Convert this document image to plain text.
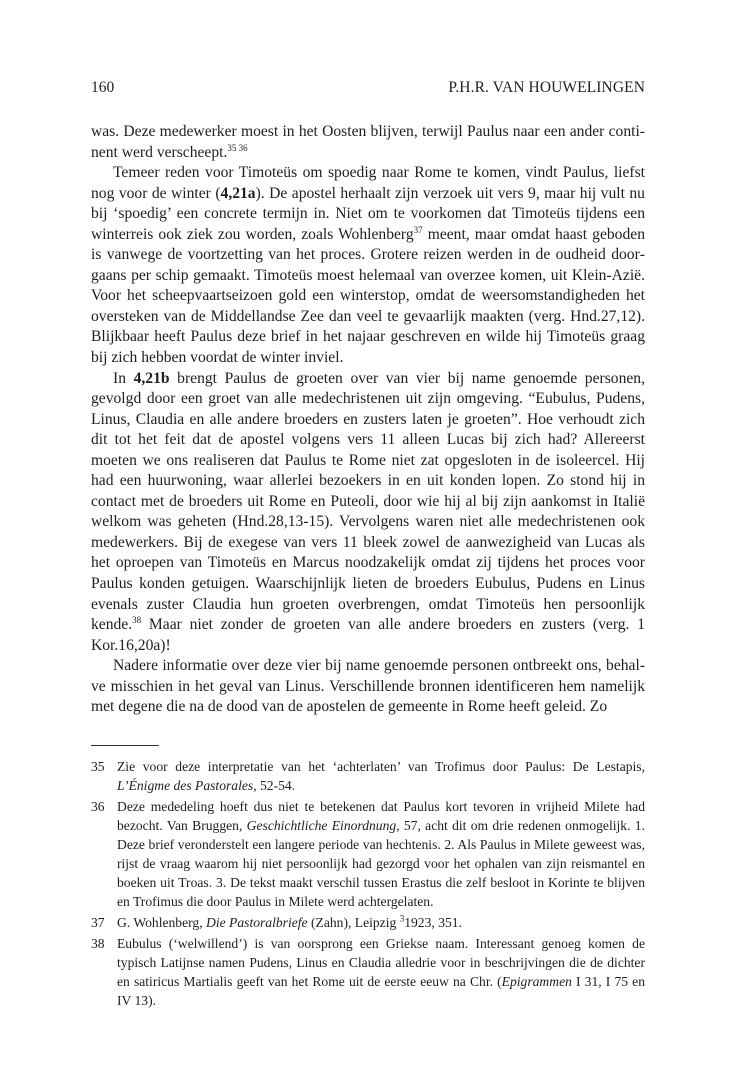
160	P.H.R. VAN HOUWELINGEN

was. Deze medewerker moest in het Oosten blijven, terwijl Paulus naar een ander continent werd verscheept.$^{35 36}$

Temeer reden voor Timoteüs om spoedig naar Rome te komen, vindt Paulus, liefst nog voor de winter (4,21a). De apostel herhaalt zijn verzoek uit vers 9, maar hij vult nu bij ‘spoedig’ een concrete termijn in. Niet om te voorkomen dat Timoteüs tijdens een winterreis ook ziek zou worden, zoals Wohlenberg$^{37}$ meent, maar omdat haast geboden is vanwege de voortzetting van het proces. Grotere reizen werden in de oudheid doorgaans per schip gemaakt. Timoteüs moest helemaal van overzee komen, uit Klein-Azië. Voor het scheepvaartseizoen gold een winterstop, omdat de weersomstandigheden het oversteken van de Middellandse Zee dan veel te gevaarlijk maakten (verg. Hnd.27,12). Blijkbaar heeft Paulus deze brief in het najaar geschreven en wilde hij Timoteüs graag bij zich hebben voordat de winter inviel.

In 4,21b brengt Paulus de groeten over van vier bij name genoemde personen, gevolgd door een groet van alle medechristenen uit zijn omgeving. “Eubulus, Pudens, Linus, Claudia en alle andere broeders en zusters laten je groeten”. Hoe verhoudt zich dit tot het feit dat de apostel volgens vers 11 alleen Lucas bij zich had? Allereerst moeten we ons realiseren dat Paulus te Rome niet zat opgesloten in de isoleercel. Hij had een huurwoning, waar allerlei bezoekers in en uit konden lopen. Zo stond hij in contact met de broeders uit Rome en Puteoli, door wie hij al bij zijn aankomst in Italië welkom was geheten (Hnd.28,13-15). Vervolgens waren niet alle medechristenen ook medewerkers. Bij de exegese van vers 11 bleek zowel de aanwezigheid van Lucas als het oproepen van Timoteüs en Marcus noodzakelijk omdat zij tijdens het proces voor Paulus konden getuigen. Waarschijnlijk lieten de broeders Eubulus, Pudens en Linus evenals zuster Claudia hun groeten overbrengen, omdat Timoteüs hen persoonlijk kende.$^{38}$ Maar niet zonder de groeten van alle andere broeders en zusters (verg. 1 Kor.16,20a)!

Nadere informatie over deze vier bij name genoemde personen ontbreekt ons, behalve misschien in het geval van Linus. Verschillende bronnen identificeren hem namelijk met degene die na de dood van de apostelen de gemeente in Rome heeft geleid. Zo

35 Zie voor deze interpretatie van het ‘achterlaten’ van Trofimus door Paulus: De Lestapis, L’Énigme des Pastorales, 52-54.
36 Deze mededeling hoeft dus niet te betekenen dat Paulus kort tevoren in vrijheid Milete had bezocht. Van Bruggen, Geschichtliche Einordnung, 57, acht dit om drie redenen onmogelijk. 1. Deze brief veronderstelt een langere periode van hechtenis. 2. Als Paulus in Milete geweest was, rijst de vraag waarom hij niet persoonlijk had gezorgd voor het ophalen van zijn reismantel en boeken uit Troas. 3. De tekst maakt verschil tussen Erastus die zelf besloot in Korinte te blijven en Trofimus die door Paulus in Milete werd achtergelaten.
37 G. Wohlenberg, Die Pastoralbriefe (Zahn), Leipzig $^3$1923, 351.
38 Eubulus (‘welwillend’) is van oorsprong een Griekse naam. Interessant genoeg komen de typisch Latijnse namen Pudens, Linus en Claudia alledrie voor in beschrijvingen die de dichter en satiricus Martialis geeft van het Rome uit de eerste eeuw na Chr. (Epigrammen I 31, I 75 en IV 13).
